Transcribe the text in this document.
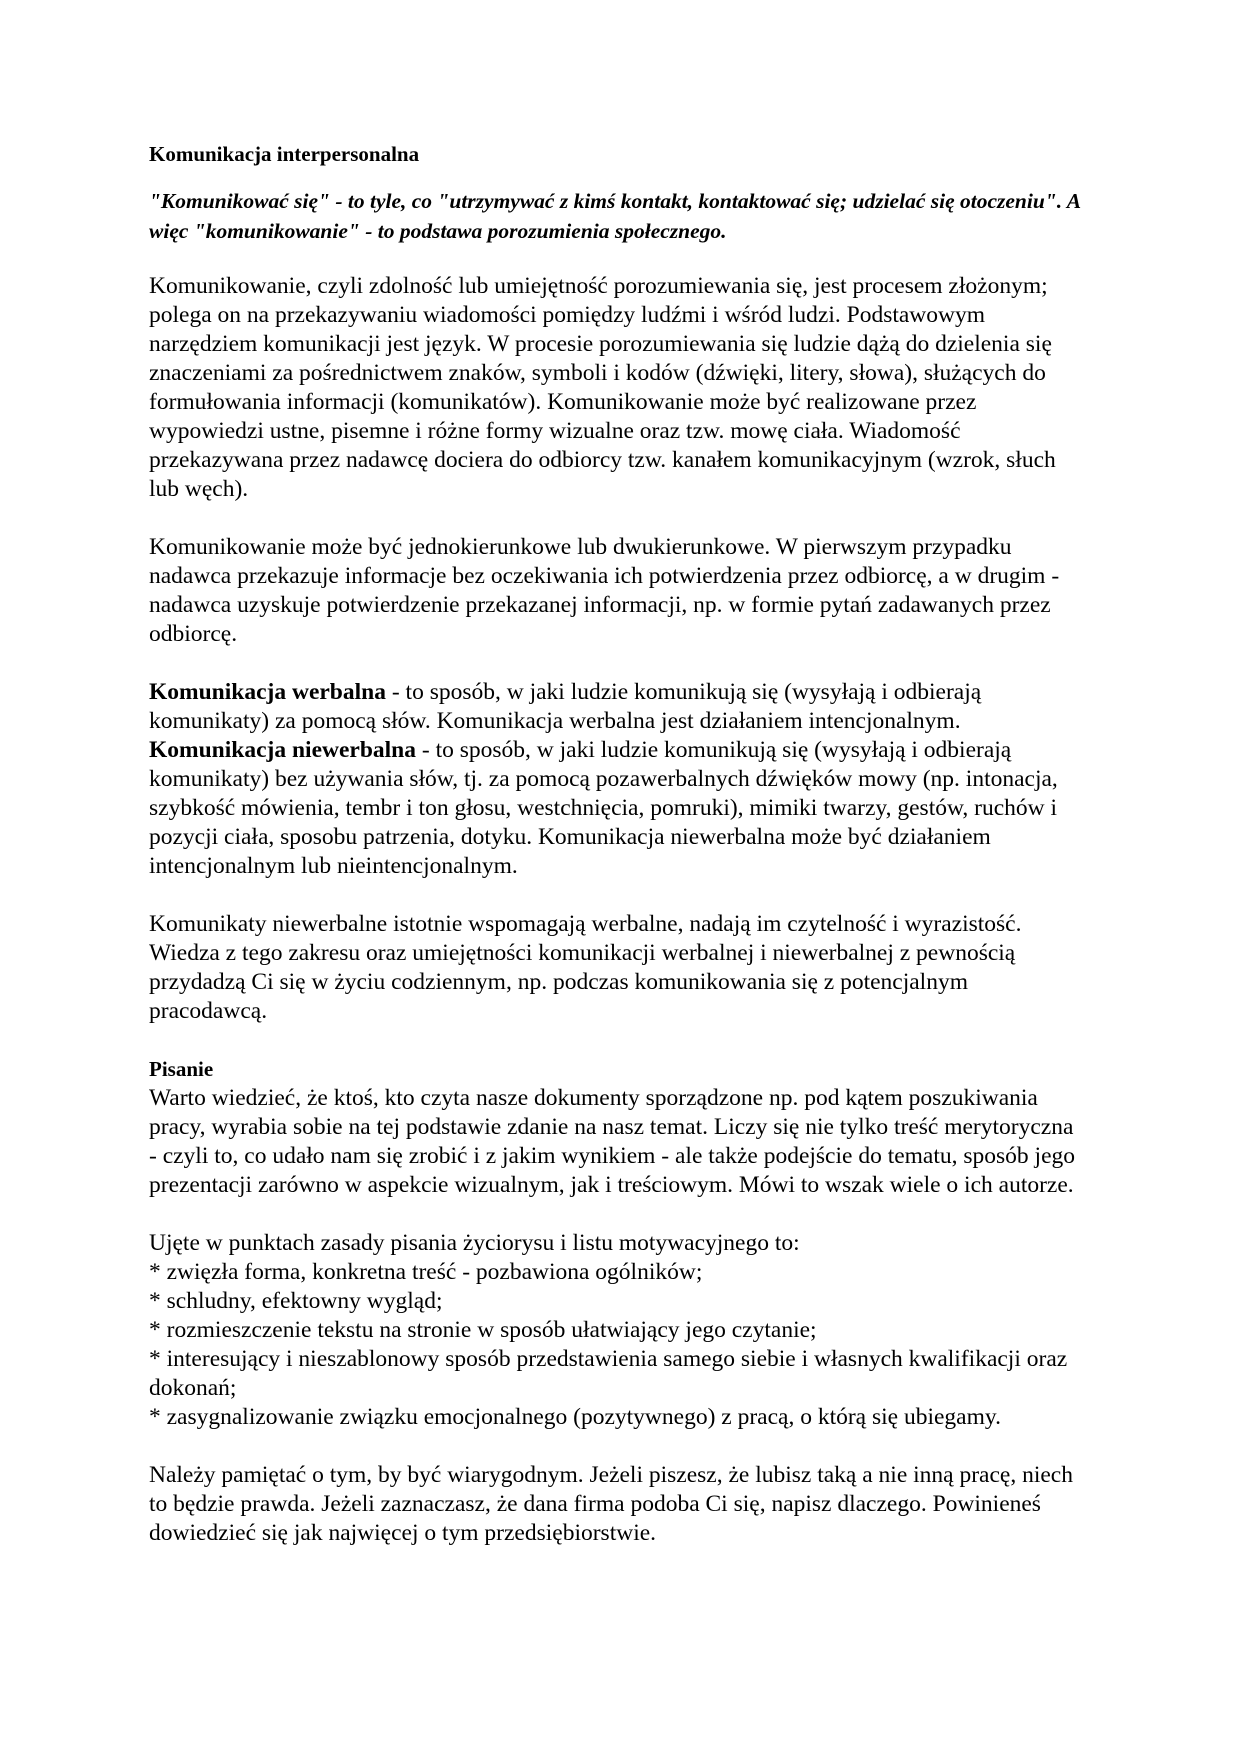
Komunikacja interpersonalna
"Komunikować się" - to tyle, co "utrzymywać z kimś kontakt, kontaktować się; udzielać się otoczeniu". A więc "komunikowanie" - to podstawa porozumienia społecznego.

Komunikowanie, czyli zdolność lub umiejętność porozumiewania się, jest procesem złożonym; polega on na przekazywaniu wiadomości pomiędzy ludźmi i wśród ludzi. Podstawowym narzędziem komunikacji jest język. W procesie porozumiewania się ludzie dążą do dzielenia się znaczeniami za pośrednictwem znaków, symboli i kodów (dźwięki, litery, słowa), służących do formułowania informacji (komunikatów). Komunikowanie może być realizowane przez wypowiedzi ustne, pisemne i różne formy wizualne oraz tzw. mowę ciała. Wiadomość przekazywana przez nadawcę dociera do odbiorcy tzw. kanałem komunikacyjnym (wzrok, słuch lub węch).

Komunikowanie może być jednokierunkowe lub dwukierunkowe. W pierwszym przypadku nadawca przekazuje informacje bez oczekiwania ich potwierdzenia przez odbiorcę, a w drugim - nadawca uzyskuje potwierdzenie przekazanej informacji, np. w formie pytań zadawanych przez odbiorcę.

Komunikacja werbalna - to sposób, w jaki ludzie komunikują się (wysyłają i odbierają komunikaty) za pomocą słów. Komunikacja werbalna jest działaniem intencjonalnym.
Komunikacja niewerbalna - to sposób, w jaki ludzie komunikują się (wysyłają i odbierają komunikaty) bez używania słów, tj. za pomocą pozawerbalnych dźwięków mowy (np. intonacja, szybkość mówienia, tembr i ton głosu, westchnięcia, pomruki), mimiki twarzy, gestów, ruchów i pozycji ciała, sposobu patrzenia, dotyku. Komunikacja niewerbalna może być działaniem intencjonalnym lub nieintencjonalnym.

Komunikaty niewerbalne istotnie wspomagają werbalne, nadają im czytelność i wyrazistość. Wiedza z tego zakresu oraz umiejętności komunikacji werbalnej i niewerbalnej z pewnością przydadzą Ci się w życiu codziennym, np. podczas komunikowania się z potencjalnym pracodawcą.

Pisanie
Warto wiedzieć, że ktoś, kto czyta nasze dokumenty sporządzone np. pod kątem poszukiwania pracy, wyrabia sobie na tej podstawie zdanie na nasz temat. Liczy się nie tylko treść merytoryczna - czyli to, co udało nam się zrobić i z jakim wynikiem - ale także podejście do tematu, sposób jego prezentacji zarówno w aspekcie wizualnym, jak i treściowym. Mówi to wszak wiele o ich autorze.
Ujęte w punktach zasady pisania życiorysu i listu motywacyjnego to:
* zwięzła forma, konkretna treść - pozbawiona ogólników;
* schludny, efektowny wygląd;
* rozmieszczenie tekstu na stronie w sposób ułatwiający jego czytanie;
* interesujący i nieszablonowy sposób przedstawienia samego siebie i własnych kwalifikacji oraz dokonań;
* zasygnalizowanie związku emocjonalnego (pozytywnego) z pracą, o którą się ubiegamy.

Należy pamiętać o tym, by być wiarygodnym. Jeżeli piszesz, że lubisz taką a nie inną pracę, niech to będzie prawda. Jeżeli zaznaczasz, że dana firma podoba Ci się, napisz dlaczego. Powinieneś dowiedzieć się jak najwięcej o tym przedsiębiorstwie.
